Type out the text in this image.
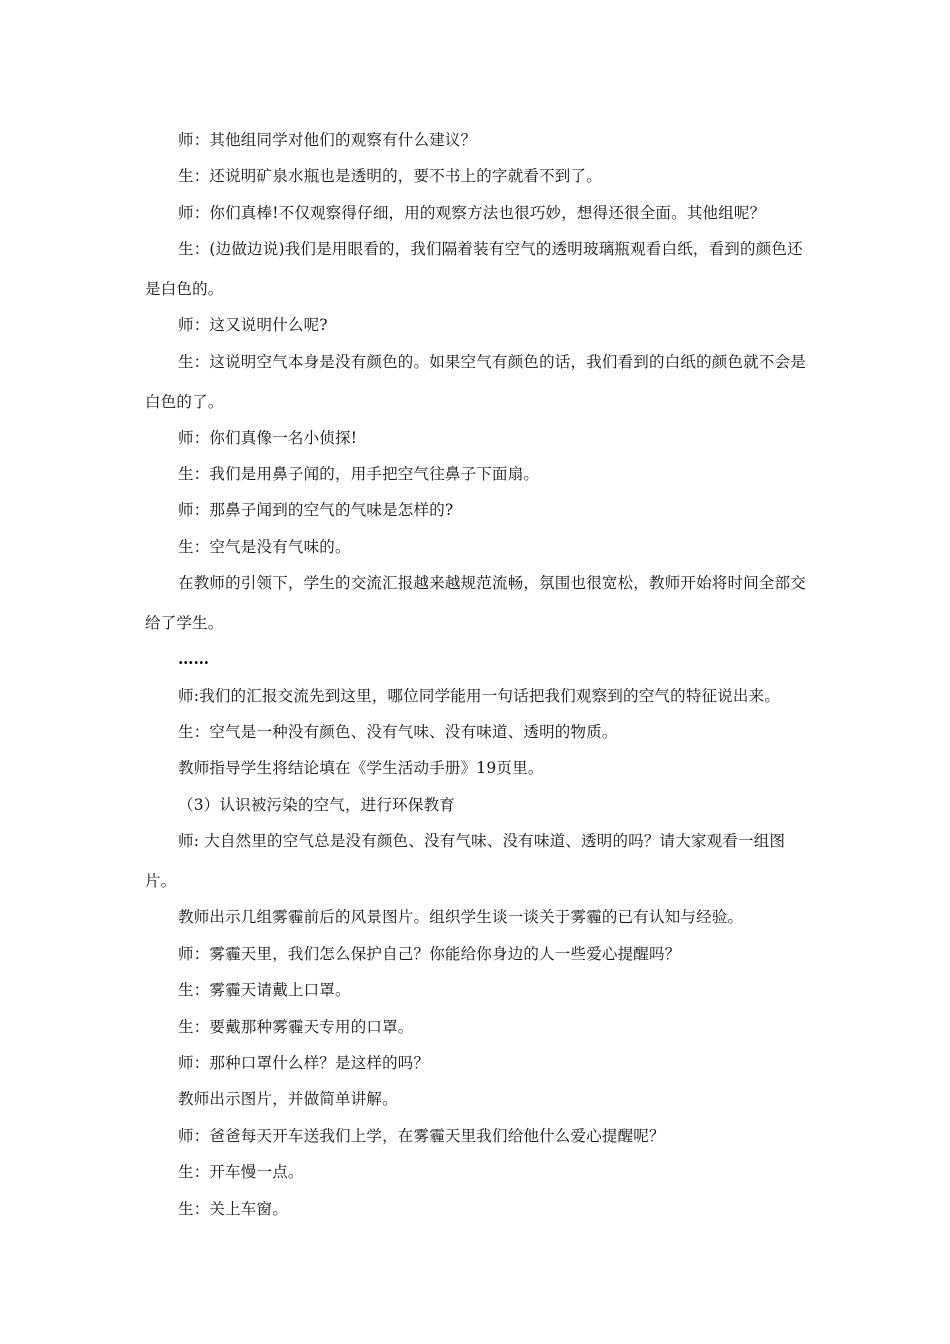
师：其他组同学对他们的观察有什么建议？

生：还说明矿泉水瓶也是透明的，要不书上的字就看不到了。

师：你们真棒!不仅观察得仔细，用的观察方法也很巧妙，想得还很全面。其他组呢？

生：(边做边说)我们是用眼看的，我们隔着装有空气的透明玻璃瓶观看白纸，看到的颜色还是白色的。

师：这又说明什么呢?

生：这说明空气本身是没有颜色的。如果空气有颜色的话，我们看到的白纸的颜色就不会是白色的了。

师：你们真像一名小侦探!

生：我们是用鼻子闻的，用手把空气往鼻子下面扇。

师：那鼻子闻到的空气的气味是怎样的?

生：空气是没有气味的。

在教师的引领下，学生的交流汇报越来越规范流畅，氛围也很宽松，教师开始将时间全部交给了学生。

……

师:我们的汇报交流先到这里，哪位同学能用一句话把我们观察到的空气的特征说出来。

生：空气是一种没有颜色、没有气味、没有味道、透明的物质。

教师指导学生将结论填在《学生活动手册》19页里。

（3）认识被污染的空气，进行环保教育

师: 大自然里的空气总是没有颜色、没有气味、没有味道、透明的吗？请大家观看一组图片。

教师出示几组雾霾前后的风景图片。组织学生谈一谈关于雾霾的已有认知与经验。

师：雾霾天里，我们怎么保护自己？你能给你身边的人一些爱心提醒吗？

生：雾霾天请戴上口罩。

生：要戴那种雾霾天专用的口罩。

师：那种口罩什么样？是这样的吗？

教师出示图片，并做简单讲解。

师：爸爸每天开车送我们上学，在雾霾天里我们给他什么爱心提醒呢？

生：开车慢一点。

生：关上车窗。
